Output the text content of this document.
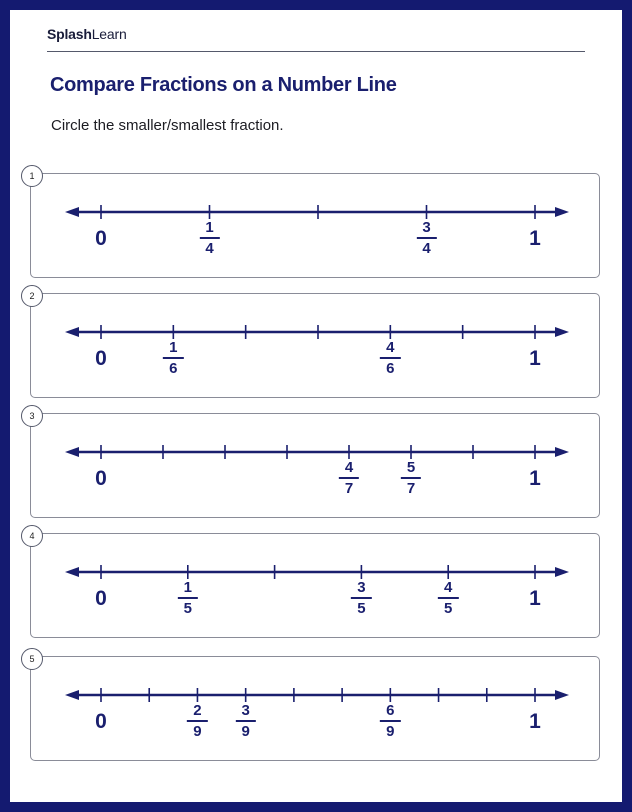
SplashLearn
Compare Fractions on a Number Line
Circle the smaller/smallest fraction.
1
0	1
1
4
3
4
2
0	1
1
6
4
6
3
0	1
4
7
5
7
4
0	1
1
5
3
5
4
5
5
0	1
2
9
3
9
6
9
